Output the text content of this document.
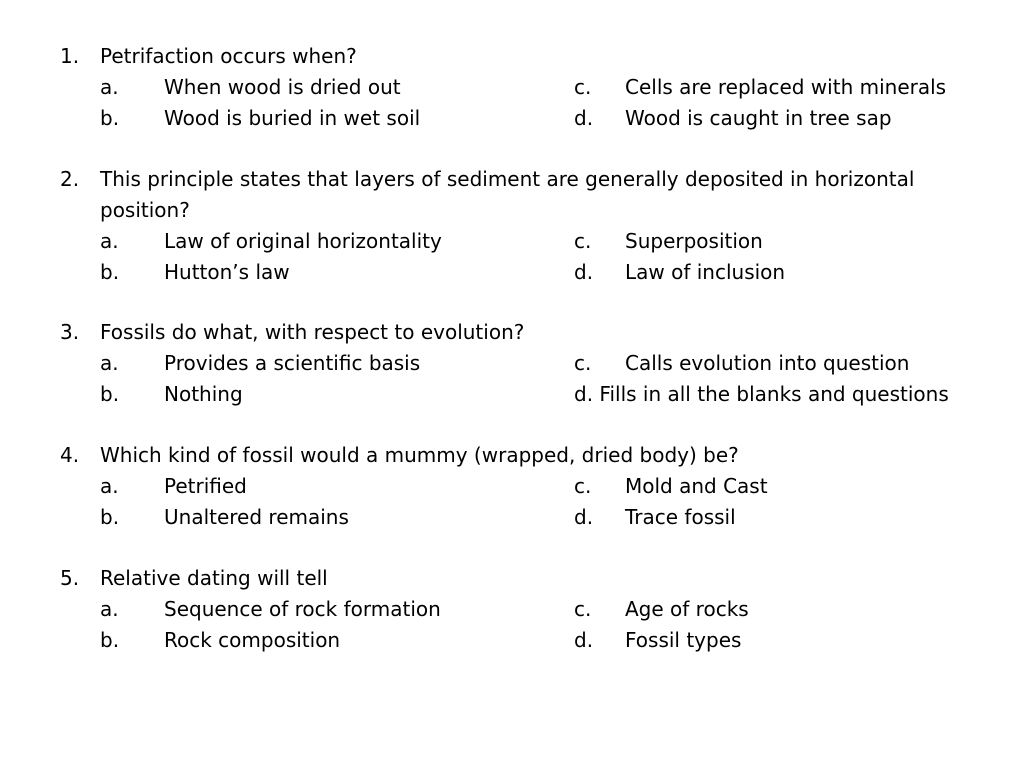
1. Petrifaction occurs when?
a. When wood is dried out	c. Cells are replaced with minerals
b. Wood is buried in wet soil	d. Wood is caught in tree sap
2. This principle states that layers of sediment are generally deposited in horizontal
position?
a. Law of original horizontality	c. Superposition
b. Hutton’s law	d. Law of inclusion
3. Fossils do what, with respect to evolution?
a. Provides a scientific basis	c. Calls evolution into question
b. Nothing	d. Fills in all the blanks and questions
4. Which kind of fossil would a mummy (wrapped, dried body) be?
a. Petrified	c. Mold and Cast
b. Unaltered remains	d. Trace fossil
5. Relative dating will tell
a. Sequence of rock formation	c. Age of rocks
b. Rock composition	d. Fossil types
